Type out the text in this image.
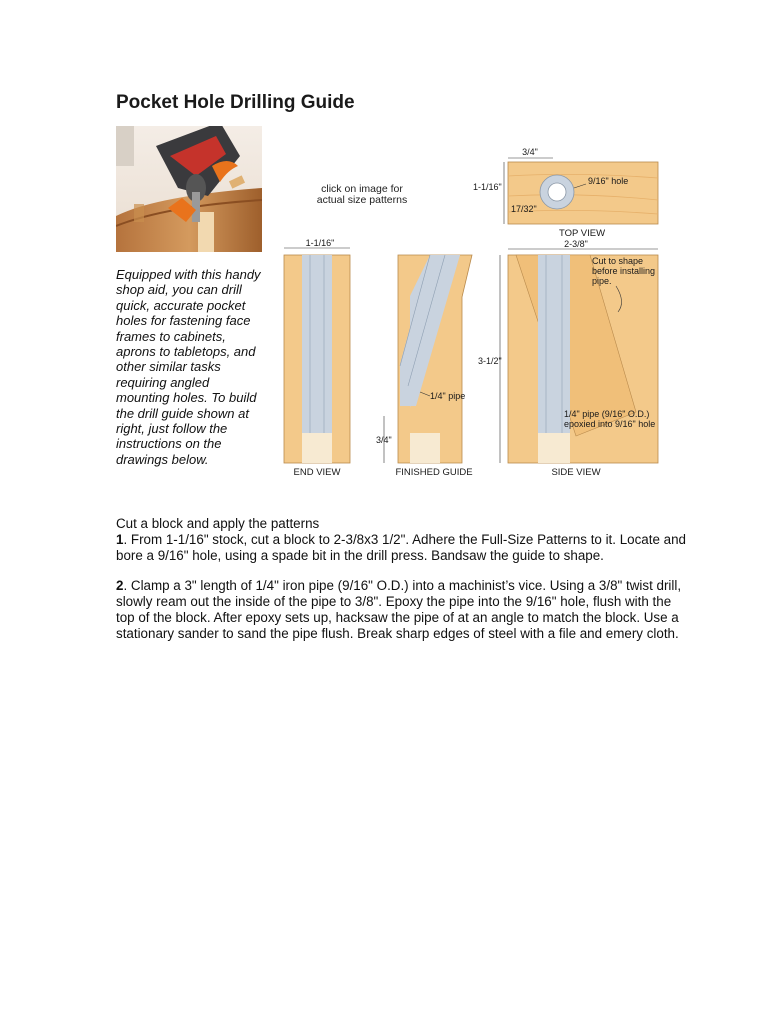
Pocket Hole Drilling Guide
Equipped with this handy shop aid, you can drill quick, accurate pocket holes for fastening face frames to cabinets, aprons to tabletops, and other similar tasks requiring angled mounting holes. To build the drill guide shown at right, just follow the instructions on the drawings below.
click on image for
actual size patterns
3/4"
1-1/16"
17/32"
9/16" hole
TOP VIEW
1-1/16"
END VIEW
1/4" pipe
3-1/2"
3/4"
FINISHED GUIDE
2-3/8"
Cut to shape
before installing
pipe.
1/4" pipe (9/16" O.D.)
epoxied into 9/16" hole
SIDE VIEW

Cut a block and apply the patterns

1. From 1-1/16" stock, cut a block to 2-3/8x3 1/2". Adhere the Full-Size Patterns to it. Locate and bore a 9/16" hole, using a spade bit in the drill press. Bandsaw the guide to shape.

2. Clamp a 3" length of 1/4" iron pipe (9/16" O.D.) into a machinist’s vice. Using a 3/8" twist drill, slowly ream out the inside of the pipe to 3/8". Epoxy the pipe into the 9/16" hole, flush with the top of the block. After epoxy sets up, hacksaw the pipe of at an angle to match the block. Use a stationary sander to sand the pipe flush. Break sharp edges of steel with a file and emery cloth.
